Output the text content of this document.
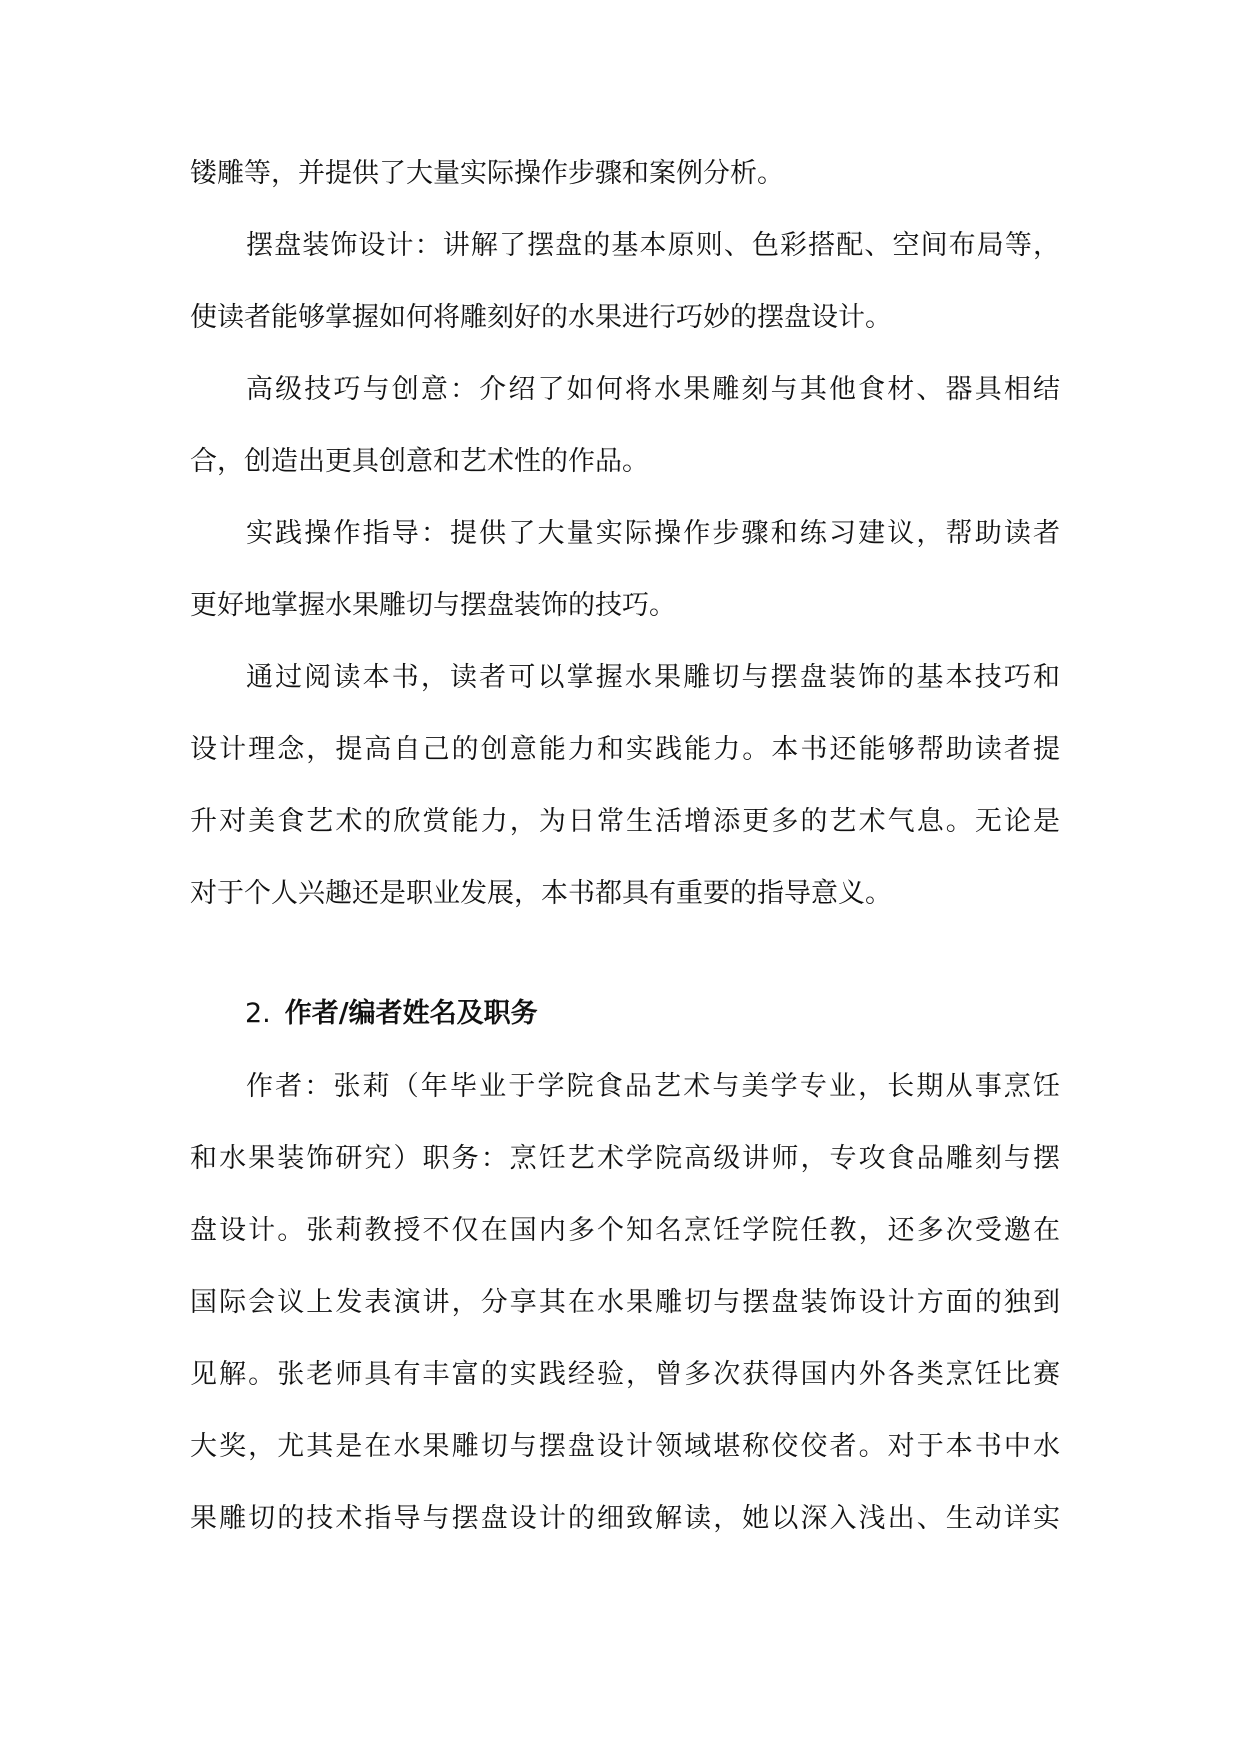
镂雕等，并提供了大量实际操作步骤和案例分析。
摆盘装饰设计：讲解了摆盘的基本原则、色彩搭配、空间布局等，
使读者能够掌握如何将雕刻好的水果进行巧妙的摆盘设计。
高级技巧与创意：介绍了如何将水果雕刻与其他食材、器具相结
合，创造出更具创意和艺术性的作品。
实践操作指导：提供了大量实际操作步骤和练习建议，帮助读者
更好地掌握水果雕切与摆盘装饰的技巧。
通过阅读本书，读者可以掌握水果雕切与摆盘装饰的基本技巧和
设计理念，提高自己的创意能力和实践能力。本书还能够帮助读者提
升对美食艺术的欣赏能力，为日常生活增添更多的艺术气息。无论是
对于个人兴趣还是职业发展，本书都具有重要的指导意义。
2. 作者/编者姓名及职务
作者：张莉（年毕业于学院食品艺术与美学专业，长期从事烹饪
和水果装饰研究）职务：烹饪艺术学院高级讲师，专攻食品雕刻与摆
盘设计。张莉教授不仅在国内多个知名烹饪学院任教，还多次受邀在
国际会议上发表演讲，分享其在水果雕切与摆盘装饰设计方面的独到
见解。张老师具有丰富的实践经验，曾多次获得国内外各类烹饪比赛
大奖，尤其是在水果雕切与摆盘设计领域堪称佼佼者。对于本书中水
果雕切的技术指导与摆盘设计的细致解读，她以深入浅出、生动详实
